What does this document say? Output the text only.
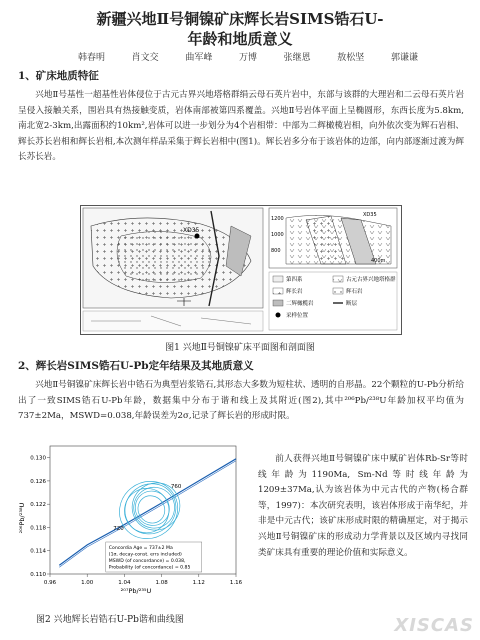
新疆兴地Ⅱ号铜镍矿床辉长岩SIMS锆石U-
年龄和地质意义
韩春明	肖文交	曲军峰	万博	张继恩	敖松坚	郭谦谦
1、矿床地质特征
兴地Ⅱ号基性一超基性岩体侵位于古元古界兴地塔格群绢云母石英片岩中，东部与该群的大理岩和二云母石英片岩呈侵入接触关系，围岩具有热接触变质，岩体南部被第四系覆盖。兴地Ⅱ号岩体平面上呈椭圆形，东西长度为5.8km,南北宽2-3km,出露面积约10km²,岩体可以进一步划分为4个岩相带：中部为二辉橄榄岩相，向外依次变为辉石岩相、辉长苏长岩相和辉长岩相,本次测年样品采集于辉长岩相中(图1)。辉长岩多分布于该岩体的边部，向内部逐渐过渡为辉长苏长岩。
XD35
1200
1000
800
XD35
400m
第四系	古元古界兴地塔格群
辉长岩	辉石岩
二辉橄榄岩	断层
采样位置
图1 兴地Ⅱ号铜镍矿床平面图和剖面图
2、辉长岩SIMS锆石U-Pb定年结果及其地质意义
兴地Ⅱ号铜镍矿床辉长岩中锆石为典型岩浆锆石,其形态大多数为短柱状、透明的自形晶。22个颗粒的U-Pb分析给出了一致SIMS锆石U-Pb年龄，数据集中分布于谐和线上及其附近(图2),其中²⁰⁶Pb/²³⁸U年龄加权平均值为737±2Ma，MSWD=0.038,年龄误差为2σ,记录了辉长岩的形成时限。
0.96	1.00	1.04	1.08	1.12	1.16
0.110
0.114
0.118
0.122
0.126
0.130
760
720
Concordia Age = 737±2 Ma
(1σ, decay-const. errs included)
MSWD (of concordance) = 0.038,
Probability (of concordance) = 0.85
²⁰⁶Pb/²³⁸U
²⁰⁷Pb/²³⁵U
图2 兴地辉长岩锆石U-Pb谐和曲线图
前人获得兴地Ⅱ号铜镍矿床中赋矿岩体Rb-Sr等时线年龄为1190Ma, Sm-Nd等时线年龄为1209±37Ma,认为该岩体为中元古代的产物(杨合群等，1997)：本次研究表明，该岩体形成于南华纪，并非是中元古代；该矿床形成时限的精确厘定，对于揭示兴地Ⅱ号铜镍矿床的形成动力学背景以及区域内寻找同类矿床具有重要的理论价值和实际意义。
XISCAS
